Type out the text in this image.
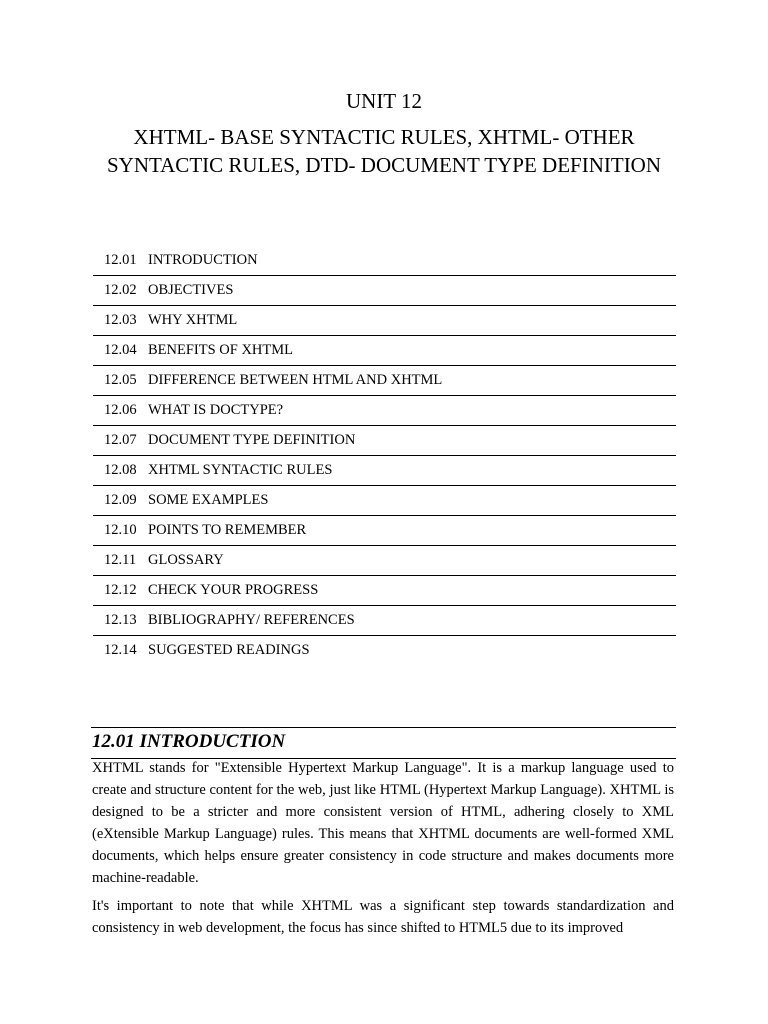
UNIT 12
XHTML- BASE SYNTACTIC RULES, XHTML- OTHER SYNTACTIC RULES, DTD- DOCUMENT TYPE DEFINITION
12.01 INTRODUCTION
12.02 OBJECTIVES
12.03 WHY XHTML
12.04 BENEFITS OF XHTML
12.05 DIFFERENCE BETWEEN HTML AND XHTML
12.06 WHAT IS DOCTYPE?
12.07 DOCUMENT TYPE DEFINITION
12.08 XHTML SYNTACTIC RULES
12.09 SOME EXAMPLES
12.10 POINTS TO REMEMBER
12.11 GLOSSARY
12.12 CHECK YOUR PROGRESS
12.13 BIBLIOGRAPHY/ REFERENCES
12.14 SUGGESTED READINGS
12.01 INTRODUCTION

XHTML stands for "Extensible Hypertext Markup Language". It is a markup language used to create and structure content for the web, just like HTML (Hypertext Markup Language). XHTML is designed to be a stricter and more consistent version of HTML, adhering closely to XML (eXtensible Markup Language) rules. This means that XHTML documents are well-formed XML documents, which helps ensure greater consistency in code structure and makes documents more machine-readable.

It's important to note that while XHTML was a significant step towards standardization and consistency in web development, the focus has since shifted to HTML5 due to its improved
